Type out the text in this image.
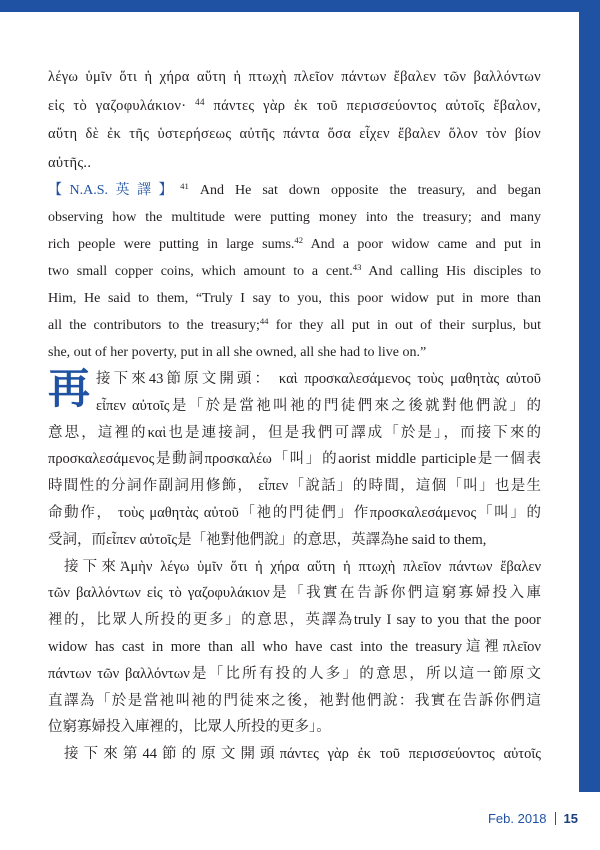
λέγω ὑμῖν ὅτι ἡ χήρα αὕτη ἡ πτωχὴ πλεῖον πάντων ἔβαλεν τῶν βαλλόντων
εἰς τὸ γαζοφυλάκιον· $^{44}$ πάντες γὰρ ἐκ τοῦ περισσεύοντος αὐτοῖς ἔβαλον,
αὕτη δὲ ἐκ τῆς ὑστερήσεως αὐτῆς πάντα ὅσα εἶχεν ἔβαλεν ὅλον τὸν βίον
αὐτῆς..
【N.A.S.英譯】$^{41}$ And He sat down opposite the treasury, and began
observing how the multitude were putting money into the treasury; and many
rich people were putting in large sums.$^{42}$ And a poor widow came and put in
two small copper coins, which amount to a cent.$^{43}$ And calling His disciples to
Him, He said to them, “Truly I say to you, this poor widow put in more than
all the contributors to the treasury;$^{44}$ for they all put in out of their surplus, but
she, out of her poverty, put in all she owned, all she had to live on.”
再 接下來43節原文開頭： καὶ προσκαλεσάμενος τοὺς μαθητὰς αὐτοῦ
εἶπεν αὐτοῖς是「於是當祂叫祂的門徒們來之後就對他們說」的
意思，這裡的καὶ也是連接詞，但是我們可譯成「於是」，而接下來的
προσκαλεσάμενος是動詞προσκαλέω「叫」的aorist middle participle是一個表
時間性的分詞作副詞用修飾， εἶπεν「說話」的時間，這個「叫」也是生
命動作， τοὺς μαθητὰς αὐτοῦ「祂的門徒們」作προσκαλεσάμενος「叫」的
受詞，而εἶπεν αὐτοῖς是「祂對他們說」的意思，英譯為he said to them,
接下來Ἀμὴν λέγω ὑμῖν ὅτι ἡ χήρα αὕτη ἡ πτωχὴ πλεῖον πάντων ἔβαλεν
τῶν βαλλόντων εἰς τὸ γαζοφυλάκιον是「我實在告訴你們這窮寡婦投入庫
裡的，比眾人所投的更多」的意思，英譯為truly I say to you that the poor
widow has cast in more than all who have cast into the treasury這裡πλεῖον
πάντων τῶν βαλλόντων是「比所有投的人多」的意思，所以這一節原文
直譯為「於是當祂叫祂的門徒來之後，祂對他們說：我實在告訴你們這
位窮寡婦投入庫裡的，比眾人所投的更多」。
接下來第44節的原文開頭πάντες γὰρ ἐκ τοῦ περισσεύοντος αὐτοῖς
Feb. 2018 15
